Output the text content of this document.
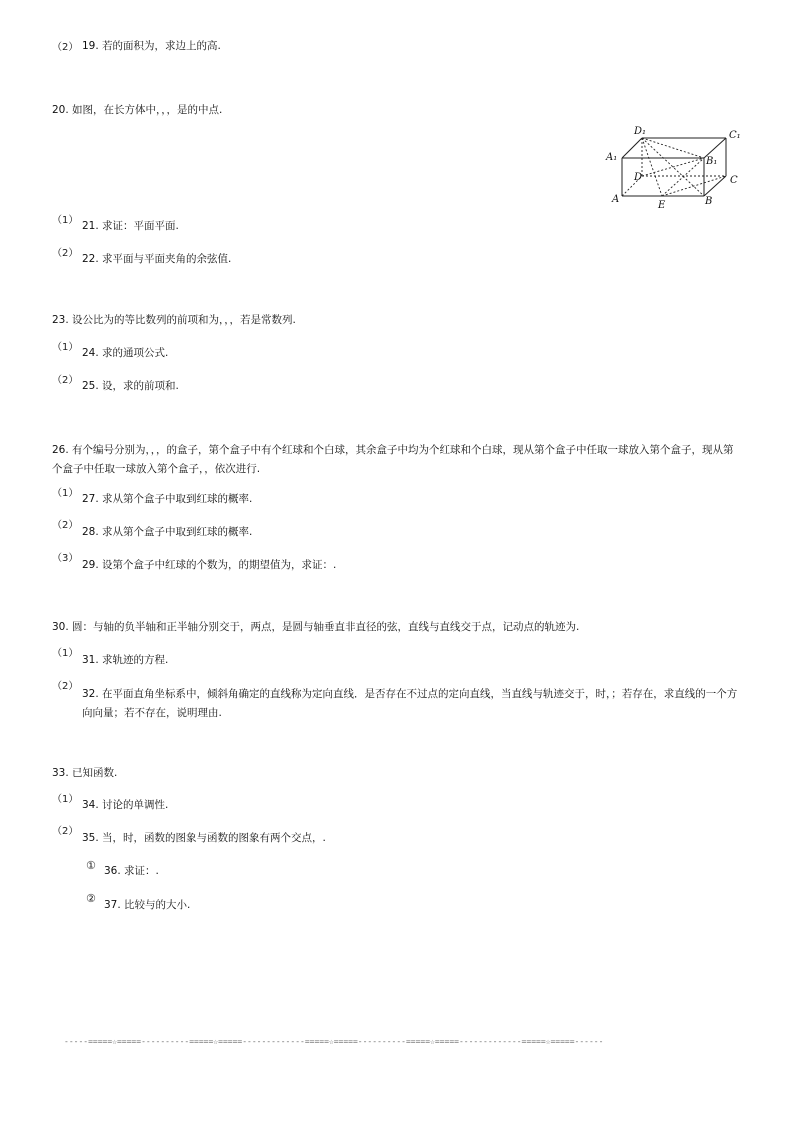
（2） 19. 若的面积为，求边上的高.
20. 如图，在长方体中，，，是的中点.
D₁	C₁
A₁	B₁
D	C
A
E	B
（1） 21. 求证：平面平面.
（2） 22. 求平面与平面夹角的余弦值.
23. 设公比为的等比数列的前项和为，，，若是常数列.
（1） 24. 求的通项公式.
（2） 25. 设，求的前项和.
26. 有个编号分别为，，，的盒子，第个盒子中有个红球和个白球，其余盒子中均为个红球和个白球，现从第个盒子中任取一球放入第个盒子，现从第个盒子中任取一球放入第个盒子，，依次进行.
（1） 27. 求从第个盒子中取到红球的概率.
（2）
28. 求从第个盒子中取到红球的概率.
（3）
29. 设第个盒子中红球的个数为，的期望值为，求证：.
30. 圆：与轴的负半轴和正半轴分别交于，两点，是圆与轴垂直非直径的弦，直线与直线交于点，记动点的轨迹为.
（1）
31. 求轨迹的方程.
（2）
32. 在平面直角坐标系中，倾斜角确定的直线称为定向直线．是否存在不过点的定向直线，当直线与轨迹交于，时，；若存在，求直线的一个方向向量；若不存在，说明理由.
33. 已知函数.
（1） 34. 讨论的单调性.
（2）
35. 当，时，函数的图象与函数的图象有两个交点，.
① 36. 求证：.
② 37. 比较与的大小.
-----=====☆=====----------=====☆=====-------------=====☆=====----------=====☆=====-------------=====☆=====------
